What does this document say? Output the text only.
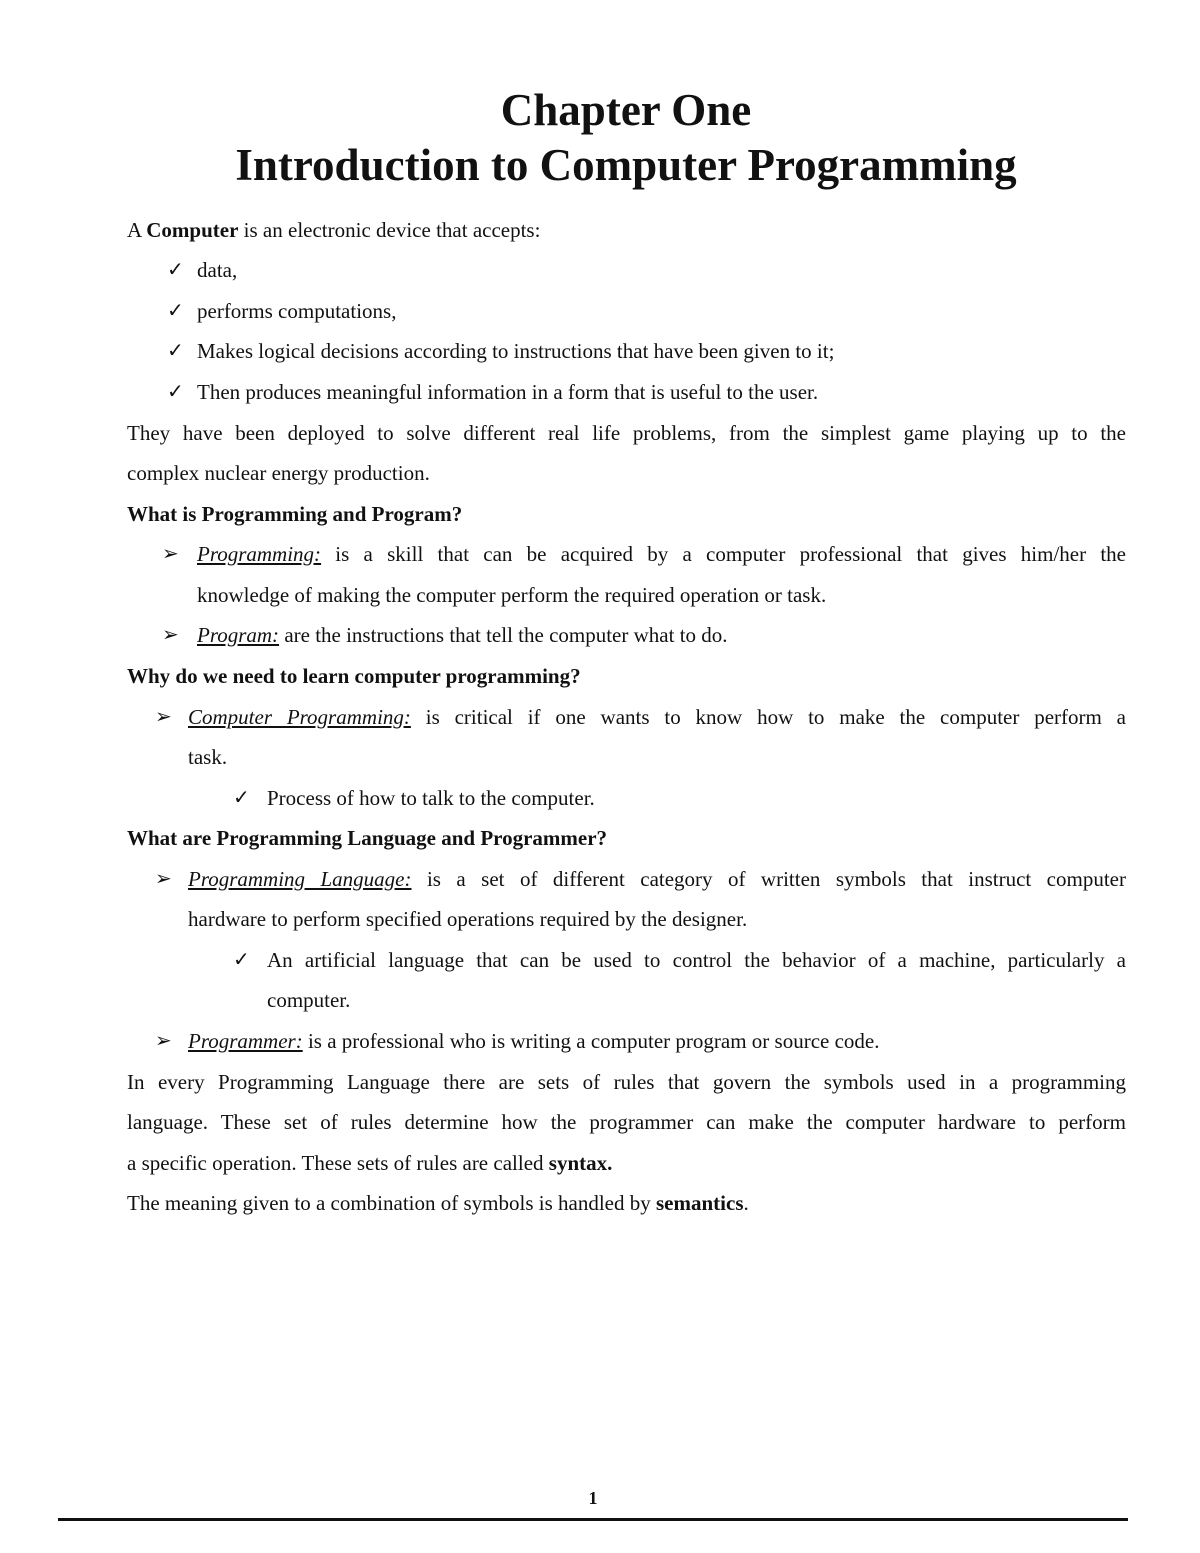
Chapter One
Introduction to Computer Programming
A Computer is an electronic device that accepts:
✓ data,
✓ performs computations,
✓ Makes logical decisions according to instructions that have been given to it;
✓ Then produces meaningful information in a form that is useful to the user.
They have been deployed to solve different real life problems, from the simplest game playing up to the
complex nuclear energy production.
What is Programming and Program?
➢ Programming: is a skill that can be acquired by a computer professional that gives him/her the
knowledge of making the computer perform the required operation or task.
➢ Program: are the instructions that tell the computer what to do.
Why do we need to learn computer programming?
➢ Computer Programming: is critical if one wants to know how to make the computer perform a
task.
✓ Process of how to talk to the computer.
What are Programming Language and Programmer?
➢ Programming Language: is a set of different category of written symbols that instruct computer
hardware to perform specified operations required by the designer.
✓ An artificial language that can be used to control the behavior of a machine, particularly a
computer.
➢ Programmer: is a professional who is writing a computer program or source code.
In every Programming Language there are sets of rules that govern the symbols used in a programming
language. These set of rules determine how the programmer can make the computer hardware to perform
a specific operation. These sets of rules are called syntax.
The meaning given to a combination of symbols is handled by semantics.
1
